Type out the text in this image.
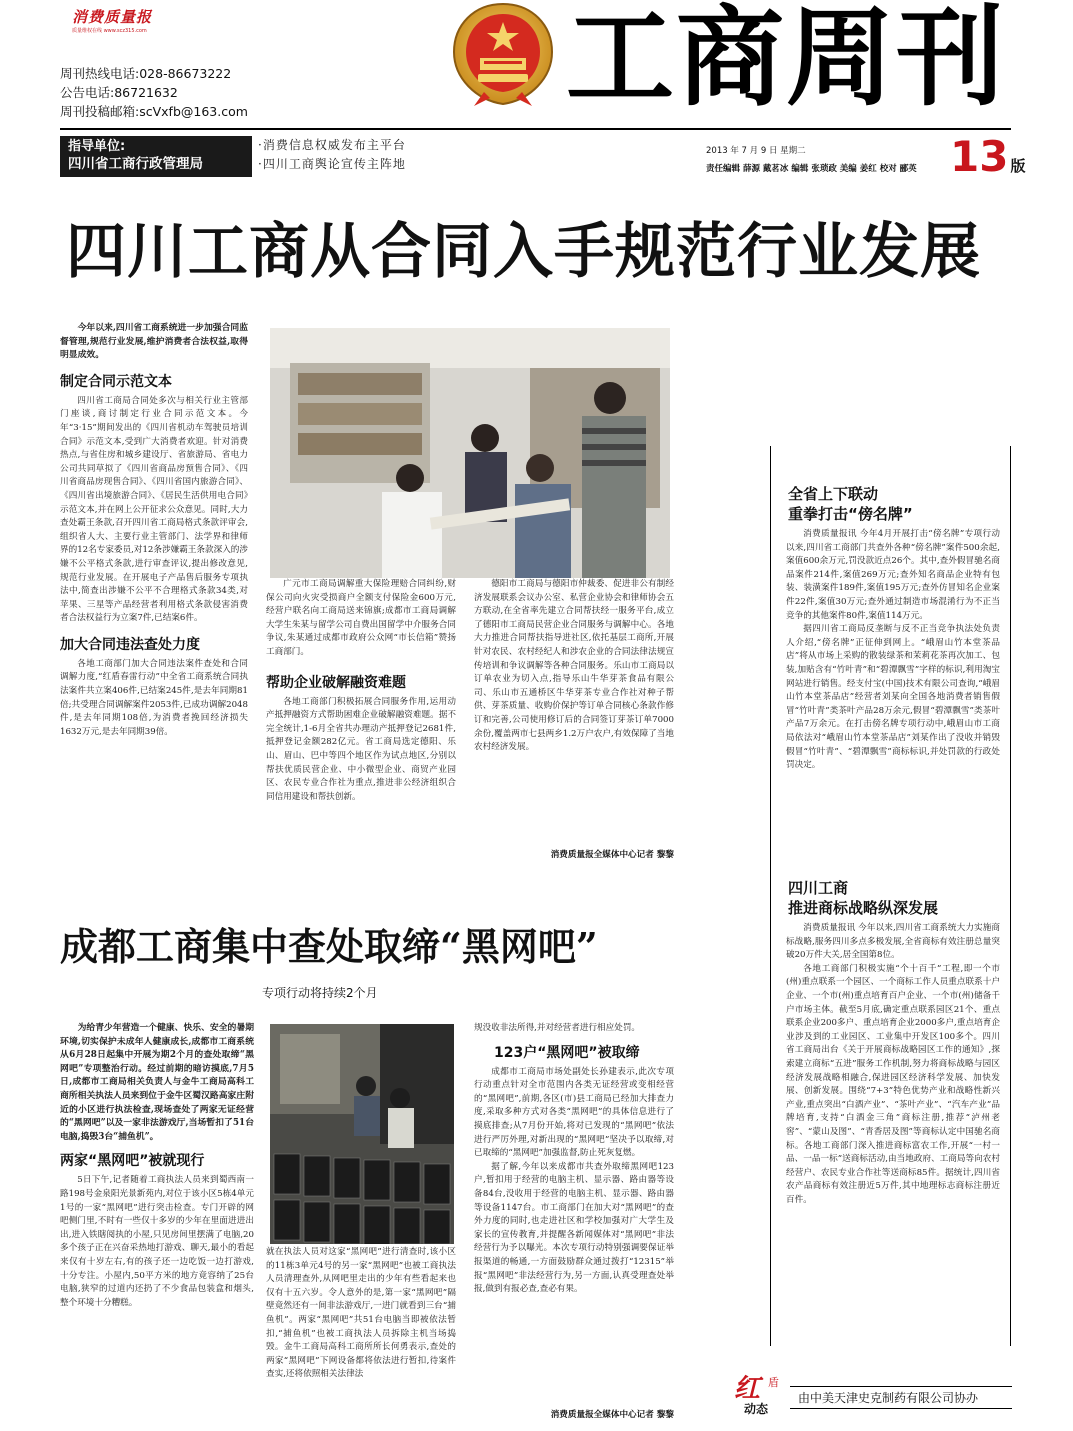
消费质量报
质量维权在线 www.scz315.com
周刊热线电话:028-86673222
公告电话:86721632
周刊投稿邮箱:scVxfb@163.com	工商周刊
指导单位:
四川省工商行政管理局
·消费信息权威发布主平台
·四川工商舆论宣传主阵地
2013 年 7 月 9 日 星期二
责任编辑 薛源 戴茗冰 编辑 张琐政 美编 姜红 校对 郦英 13 版
四川工商从合同入手规范行业发展

今年以来,四川省工商系统进一步加强合同监督管理,规范行业发展,维护消费者合法权益,取得明显成效。

制定合同示范文本

四川省工商局合同处多次与相关行业主管部门座谈,商讨制定行业合同示范文本。今年“3·15”期间发出的《四川省机动车驾驶员培训合同》示范文本,受到广大消费者欢迎。针对消费热点,与省住房和城乡建设厅、省旅游局、省电力公司共同草拟了《四川省商品房预售合同》、《四川省商品房现售合同》、《四川省国内旅游合同》、《四川省出境旅游合同》、《居民生活供用电合同》示范文本,并在网上公开征求公众意见。同时,大力查处霸王条款,召开四川省工商局格式条款评审会,组织省人大、主要行业主管部门、法学界和律师界的12名专家委员,对12条涉嫌霸王条款深入的涉嫌不公平格式条款,进行审查评议,提出修改意见,规范行业发展。在开展电子产品售后服务专项执法中,简查出涉嫌不公平不合理格式条款34类,对苹果、三星等产品经营者利用格式条款侵害消费者合法权益行为立案7件,已结案6件。

加大合同违法查处力度

各地工商部门加大合同违法案件查处和合同调解力度,“红盾春雷行动”中全省工商系统合同执法案件共立案406件,已结案245件,是去年同期81倍;共受理合同调解案件2053件,已成功调解2048件,是去年同期108倍,为消费者挽回经济损失1632万元,是去年同期39倍。

广元市工商局调解重大保险理赔合同纠纷,财保公司向火灾受损商户全额支付保险金600万元,经营户联名向工商局送来锦旗;成都市工商局调解大学生朱某与留学公司自费出国留学中介服务合同争议,朱某通过成都市政府公众网“市长信箱”赞扬工商部门。

帮助企业破解融资难题

各地工商部门积极拓展合同服务作用,运用动产抵押融资方式帮助困难企业破解融资难题。据不完全统计,1-6月全省共办理动产抵押登记2681件,抵押登记金额282亿元。省工商局选定德阳、乐山、眉山、巴中等四个地区作为试点地区,分别以帮扶优质民营企业、中小微型企业、商贸产业园区、农民专业合作社为重点,推进非公经济组织合同信用建设和帮扶创新。

德阳市工商局与德阳市仲裁委、促进非公有制经济发展联系会议办公室、私营企业协会和律师协会五方联动,在全省率先建立合同帮扶经一服务平台,成立了德阳市工商局民营企业合同服务与调解中心。各地大力推进合同帮扶指导进社区,依托基层工商所,开展针对农民、农村经纪人和涉农企业的合同法律法规宣传培训和争议调解等各种合同服务。乐山市工商局以订单农业为切入点,指导乐山牛华芽茶食品有限公司、乐山市五通桥区牛华芽茶专业合作社对种子帮供、芽茶质量、收购价保护等订单合同核心条款作修订和完善,公司使用修订后的合同签订芽茶订单7000余份,覆盖两市七县两乡1.2万户农户,有效保障了当地农村经济发展。

消费质量报全媒体中心记者 黎黎
全省上下联动
重拳打击“傍名牌”

消费质量报讯 今年4月开展打击“傍名牌”专项行动以来,四川省工商部门共查外各种“傍名牌”案件500余起,案值600余万元,罚没款近点26个。其中,查外假冒驰名商品案件214件,案值269万元;查外知名商品企业特有包装、装潢案件189件,案值195万元;查外仿冒知名企业案件22件,案值30万元;查外通过制造市场混淆行为不正当竞争的其他案件80件,案值114万元。

据四川省工商局反垄断与反不正当竞争执法处负责人介绍,“傍名牌”正征伸到网上。“峨眉山竹本堂茶品店”将从市场上采购的散装绿茶和茉莉花茶再次加工、包装,加贴含有“竹叶青”和“碧潭飘雪”字样的标识,利用淘宝网站进行销售。经支付宝(中国)技术有限公司查询,“峨眉山竹本堂茶品店”经营者刘某向全国各地消费者销售假冒“竹叶青”类茶叶产品28万余元,假冒“碧潭飘雪”类茶叶产品7万余元。在打击傍名牌专项行动中,峨眉山市工商局依法对“峨眉山竹本堂茶品店”刘某作出了没收并销毁假冒“竹叶青”、“碧潭飘雪”商标标识,并处罚款的行政处罚决定。

四川工商
推进商标战略纵深发展

消费质量报讯 今年以来,四川省工商系统大力实施商标战略,服务四川多点多极发展,全省商标有效注册总量突破20万件大关,居全国第8位。

各地工商部门积极实施“个十百千”工程,即一个市(州)重点联系一个园区、一个商标工作人员重点联系十户企业、一个市(州)重点培育百户企业、一个市(州)储备千户市场主体。截至5月底,确定重点联系园区21个、重点联系企业200多户、重点培育企业2000多户,重点培育企业涉及到的工业园区、工业集中开发区100多个。四川省工商局出台《关于开展商标战略园区工作的通知》,探索建立商标“五进”服务工作机制,努力将商标战略与园区经济发展战略相融合,保进园区经济科学发展、加快发展、创新发展。围绕“7+3”特色优势产业和战略性新兴产业,重点突出“白酒产业”、“茶叶产业”、“汽车产业”品牌培育,支持“白酒金三角”商标注册,推荐“泸州老窖”、“蒙山及图”、“青香居及图”等商标认定中国驰名商标。各地工商部门深入推进商标富农工作,开展“一村一品、一品一标”送商标活动,由当地政府、工商局等向农村经营户、农民专业合作社等送商标85件。据统计,四川省农产品商标有效注册近5万件,其中地理标志商标注册近百件。

成都工商集中查处取缔“黑网吧”
专项行动将持续2个月

为给青少年营造一个健康、快乐、安全的暑期环境,切实保护未成年人健康成长,成都市工商系统从6月28日起集中开展为期2个月的查处取缔“黑网吧”专项整治行动。经过前期的暗访摸底,7月5日,成都市工商局相关负责人与金牛工商局高科工商所相关执法人员来到位于金牛区蜀汉路高家庄附近的小区进行执法检查,现场查处了两家无证经营的“黑网吧”以及一家非法游戏厅,当场暂扣了51台电脑,捣毁3台“捕鱼机”。

两家“黑网吧”被就现行

5日下午,记者随着工商执法人员来到蜀西南一路198号金泉阳光景新苑内,对位于该小区5栋4单元1号的一家“黑网吧”进行突击检查。专门开辟的网吧侧门里,不时有一些仅十多岁的少年在里面进进出出,进入铁瞎阅执的小屋,只见房间里摆满了电脑,20多个孩子正在兴奋采热地打游戏、聊天,最小的看起来仅有十岁左右,有的孩子还一边吃饭一边打游戏,十分专注。小屋内,50平方米的地方竟容纳了25台电脑,狭窄的过道内还扔了不少食品包装盒和烟头,整个环境十分糟糕。

就在执法人员对这家“黑网吧”进行清查时,该小区的11栋3单元4号的另一家“黑网吧”也被工商执法人员清理查外,从网吧里走出的少年有些看起来也仅有十五六岁。令人意外的是,第一家“黑网吧”隔壁竟然还有一间非法游戏厅,一进门就看到三台“捕鱼机”。两家“黑网吧”共51台电脑当即被依法暂扣,“捕鱼机”也被工商执法人员拆除主机当场捣毁。金牛工商局高科工商所所长何勇表示,查处的两家“黑网吧”下网设备都将依法进行暂扣,待案件查实,还将依照相关法律法

规没收非法所得,并对经营者进行相应处罚。

123户“黑网吧”被取缔

成都市工商局市场处副处长孙建表示,此次专项行动重点针对全市范围内各类无证经营或变相经营的“黑网吧”,前期,各区(市)县工商局已经加大排查力度,采取多种方式对各类“黑网吧”的具体信息进行了摸底排查;从7月份开始,将对已发现的“黑网吧”依法进行严厉外理,对新出现的“黑网吧”坚决予以取缔,对已取缔的“黑网吧”加强监督,防止死灰复燃。

据了解,今年以来成都市共查外取缔黑网吧123户,暂扣用于经营的电脑主机、显示器、路由器等设备84台,没收用于经营的电脑主机、显示器、路由器等设备1147台。市工商部门在加大对“黑网吧”的查外力度的同时,也走进社区和学校加强对广大学生及家长的宣传教育,并提醒各新闻媒体对“黑网吧”非法经营行为予以曝光。本次专项行动特别强调要保证举报渠道的畅通,一方面鼓励群众通过拨打“12315”举报“黑网吧”非法经营行为,另一方面,认真受理查处举报,做到有报必查,查必有果。

消费质量报全媒体中心记者 黎黎
红 盾
动态
由中美天津史克制药有限公司协办
